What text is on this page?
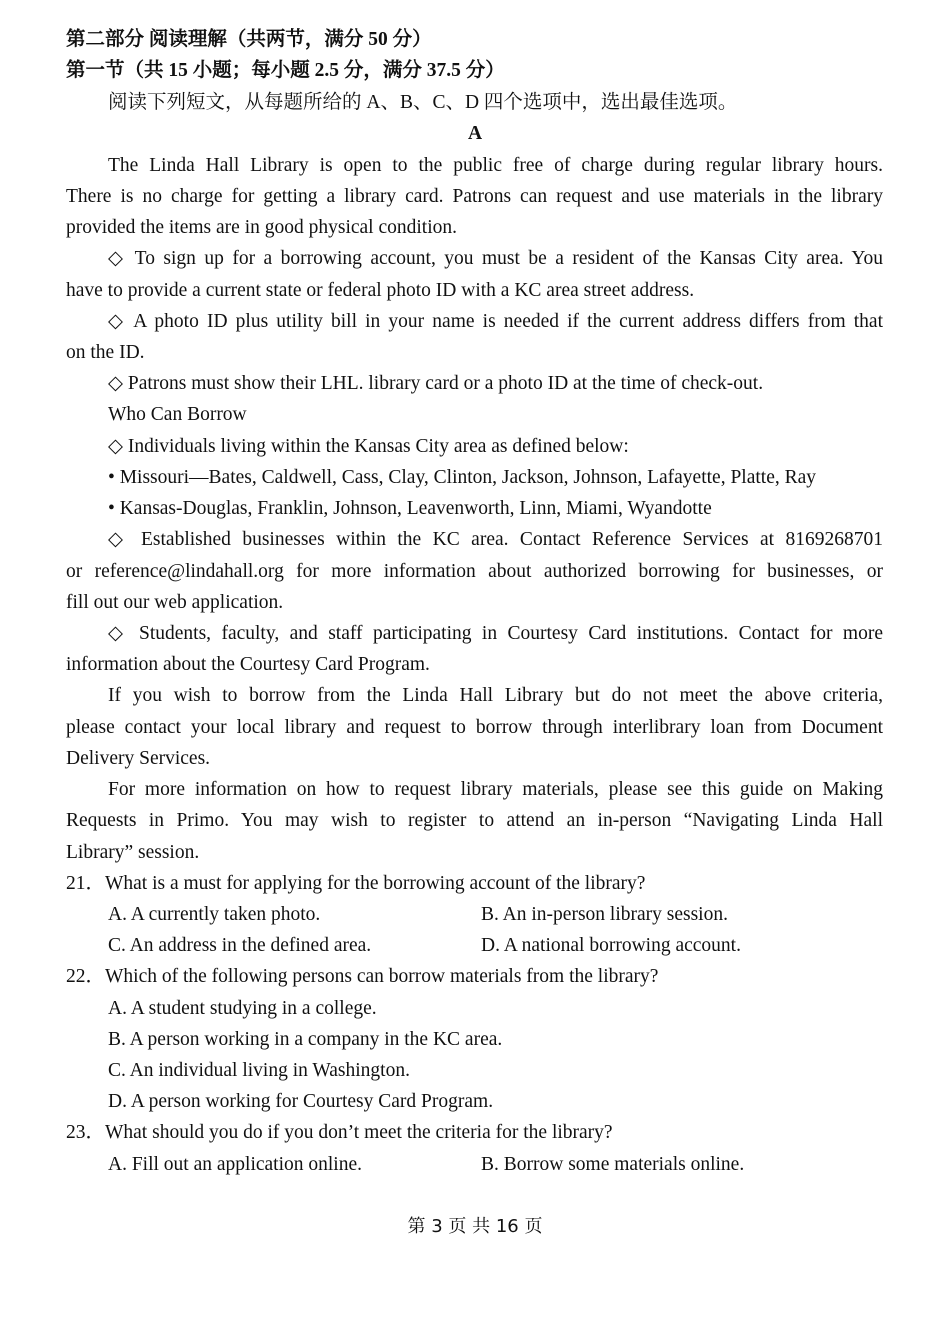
第二部分 阅读理解（共两节，满分 50 分）
第一节（共 15 小题；每小题 2.5 分，满分 37.5 分）
阅读下列短文，从每题所给的 A、B、C、D 四个选项中，选出最佳选项。
A
The Linda Hall Library is open to the public free of charge during regular library hours.
There is no charge for getting a library card. Patrons can request and use materials in the library
provided the items are in good physical condition.
◇ To sign up for a borrowing account, you must be a resident of the Kansas City area. You
have to provide a current state or federal photo ID with a KC area street address.
◇ A photo ID plus utility bill in your name is needed if the current address differs from that
on the ID.
◇ Patrons must show their LHL. library card or a photo ID at the time of check-out.
Who Can Borrow
◇ Individuals living within the Kansas City area as defined below:
• Missouri—Bates, Caldwell, Cass, Clay, Clinton, Jackson, Johnson, Lafayette, Platte, Ray
• Kansas-Douglas, Franklin, Johnson, Leavenworth, Linn, Miami, Wyandotte
◇ Established businesses within the KC area. Contact Reference Services at 8169268701
or reference@lindahall.org for more information about authorized borrowing for businesses, or
fill out our web application.
◇ Students, faculty, and staff participating in Courtesy Card institutions. Contact for more
information about the Courtesy Card Program.
If you wish to borrow from the Linda Hall Library but do not meet the above criteria,
please contact your local library and request to borrow through interlibrary loan from Document
Delivery Services.
For more information on how to request library materials, please see this guide on Making
Requests in Primo. You may wish to register to attend an in-person “Navigating Linda Hall
Library” session.
21．What is a must for applying for the borrowing account of the library?
A. A currently taken photo.	B. An in-person library session.
C. An address in the defined area.	D. A national borrowing account.
22．Which of the following persons can borrow materials from the library?
A. A student studying in a college.
B. A person working in a company in the KC area.
C. An individual living in Washington.
D. A person working for Courtesy Card Program.
23．What should you do if you don’t meet the criteria for the library?
A. Fill out an application online.	B. Borrow some materials online.
第 3 页 共 16 页
